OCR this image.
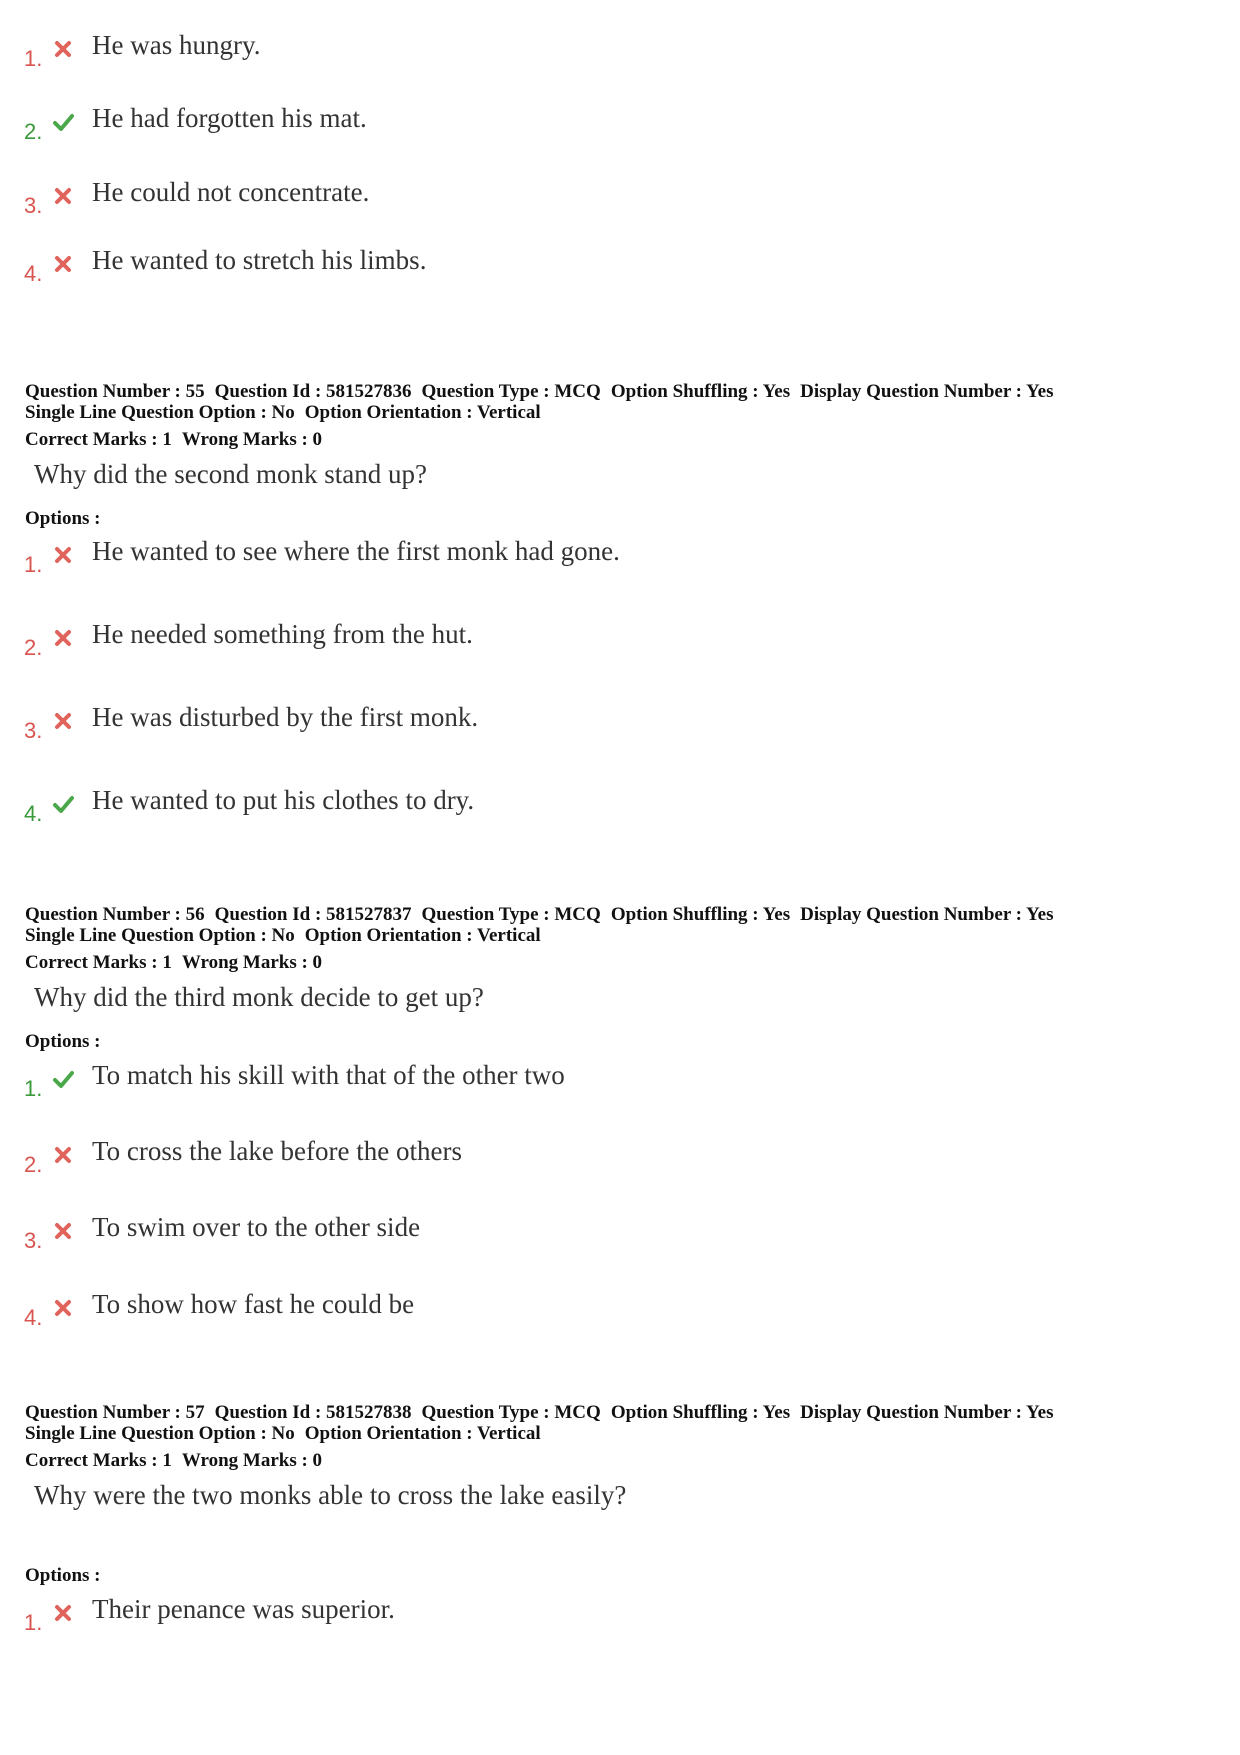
1. He was hungry.
2. He had forgotten his mat.
3. He could not concentrate.
4. He wanted to stretch his limbs.
Question Number : 55 Question Id : 581527836 Question Type : MCQ Option Shuffling : Yes Display Question Number : Yes
Single Line Question Option : No Option Orientation : Vertical
Correct Marks : 1 Wrong Marks : 0
Why did the second monk stand up?
Options :
1. He wanted to see where the first monk had gone.
2. He needed something from the hut.
3. He was disturbed by the first monk.
4. He wanted to put his clothes to dry.
Question Number : 56 Question Id : 581527837 Question Type : MCQ Option Shuffling : Yes Display Question Number : Yes
Single Line Question Option : No Option Orientation : Vertical
Correct Marks : 1 Wrong Marks : 0
Why did the third monk decide to get up?
Options :
1. To match his skill with that of the other two
2. To cross the lake before the others
3. To swim over to the other side
4. To show how fast he could be
Question Number : 57 Question Id : 581527838 Question Type : MCQ Option Shuffling : Yes Display Question Number : Yes
Single Line Question Option : No Option Orientation : Vertical
Correct Marks : 1 Wrong Marks : 0
Why were the two monks able to cross the lake easily?
Options :
1. Their penance was superior.
